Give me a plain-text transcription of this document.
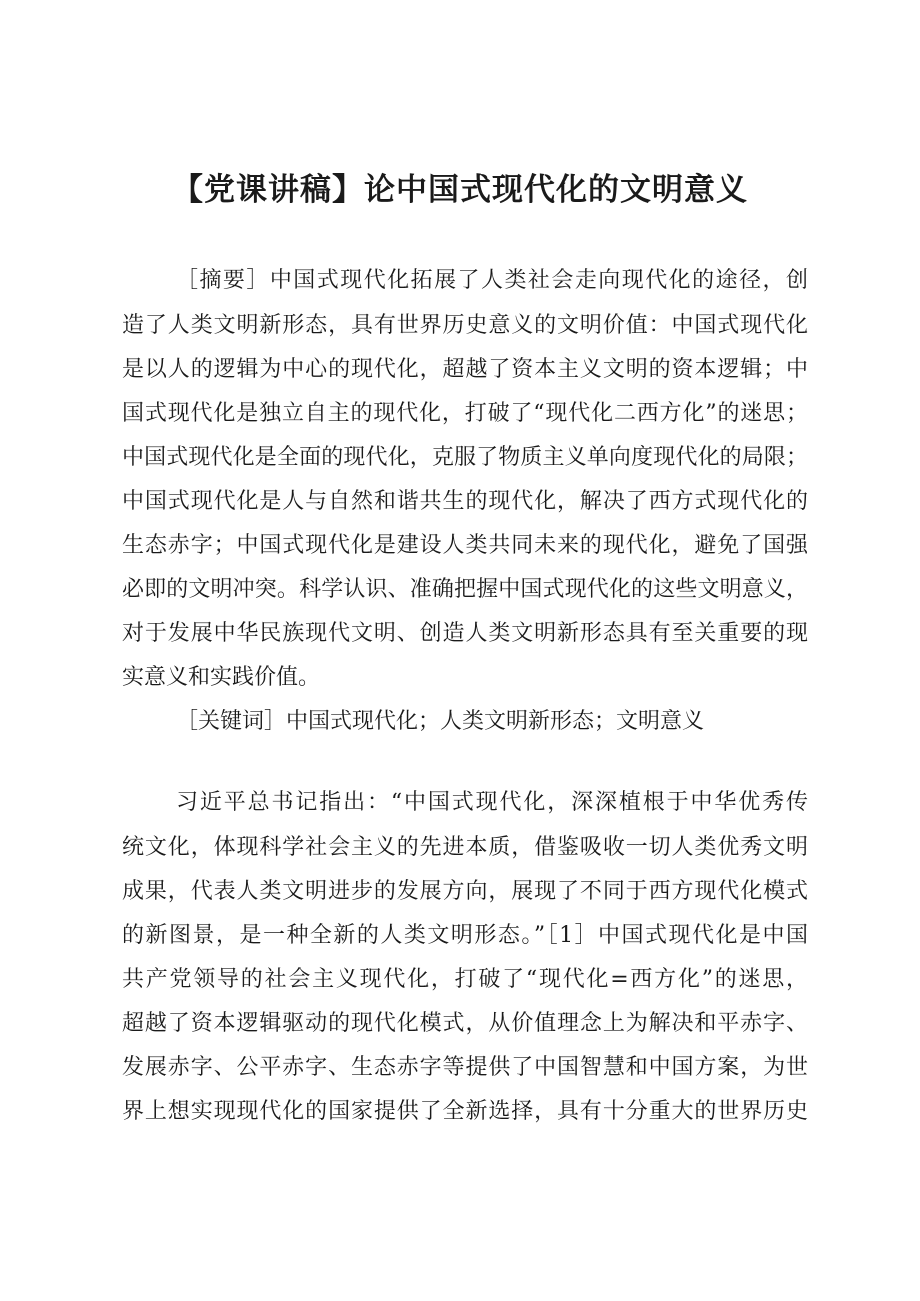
【党课讲稿】论中国式现代化的文明意义

［摘要］中国式现代化拓展了人类社会走向现代化的途径，创

造了人类文明新形态，具有世界历史意义的文明价值：中国式现代化

是以人的逻辑为中心的现代化，超越了资本主义文明的资本逻辑；中

国式现代化是独立自主的现代化，打破了“现代化二西方化”的迷思；

中国式现代化是全面的现代化，克服了物质主义单向度现代化的局限；

中国式现代化是人与自然和谐共生的现代化，解决了西方式现代化的

生态赤字；中国式现代化是建设人类共同未来的现代化，避免了国强

必即的文明冲突。科学认识、准确把握中国式现代化的这些文明意义，

对于发展中华民族现代文明、创造人类文明新形态具有至关重要的现

实意义和实践价值。

［关键词］中国式现代化；人类文明新形态；文明意义

习近平总书记指出：“中国式现代化，深深植根于中华优秀传

统文化，体现科学社会主义的先进本质，借鉴吸收一切人类优秀文明

成果，代表人类文明进步的发展方向，展现了不同于西方现代化模式

的新图景，是一种全新的人类文明形态。”［1］中国式现代化是中国

共产党领导的社会主义现代化，打破了“现代化=西方化”的迷思，

超越了资本逻辑驱动的现代化模式，从价值理念上为解决和平赤字、

发展赤字、公平赤字、生态赤字等提供了中国智慧和中国方案，为世

界上想实现现代化的国家提供了全新选择，具有十分重大的世界历史
